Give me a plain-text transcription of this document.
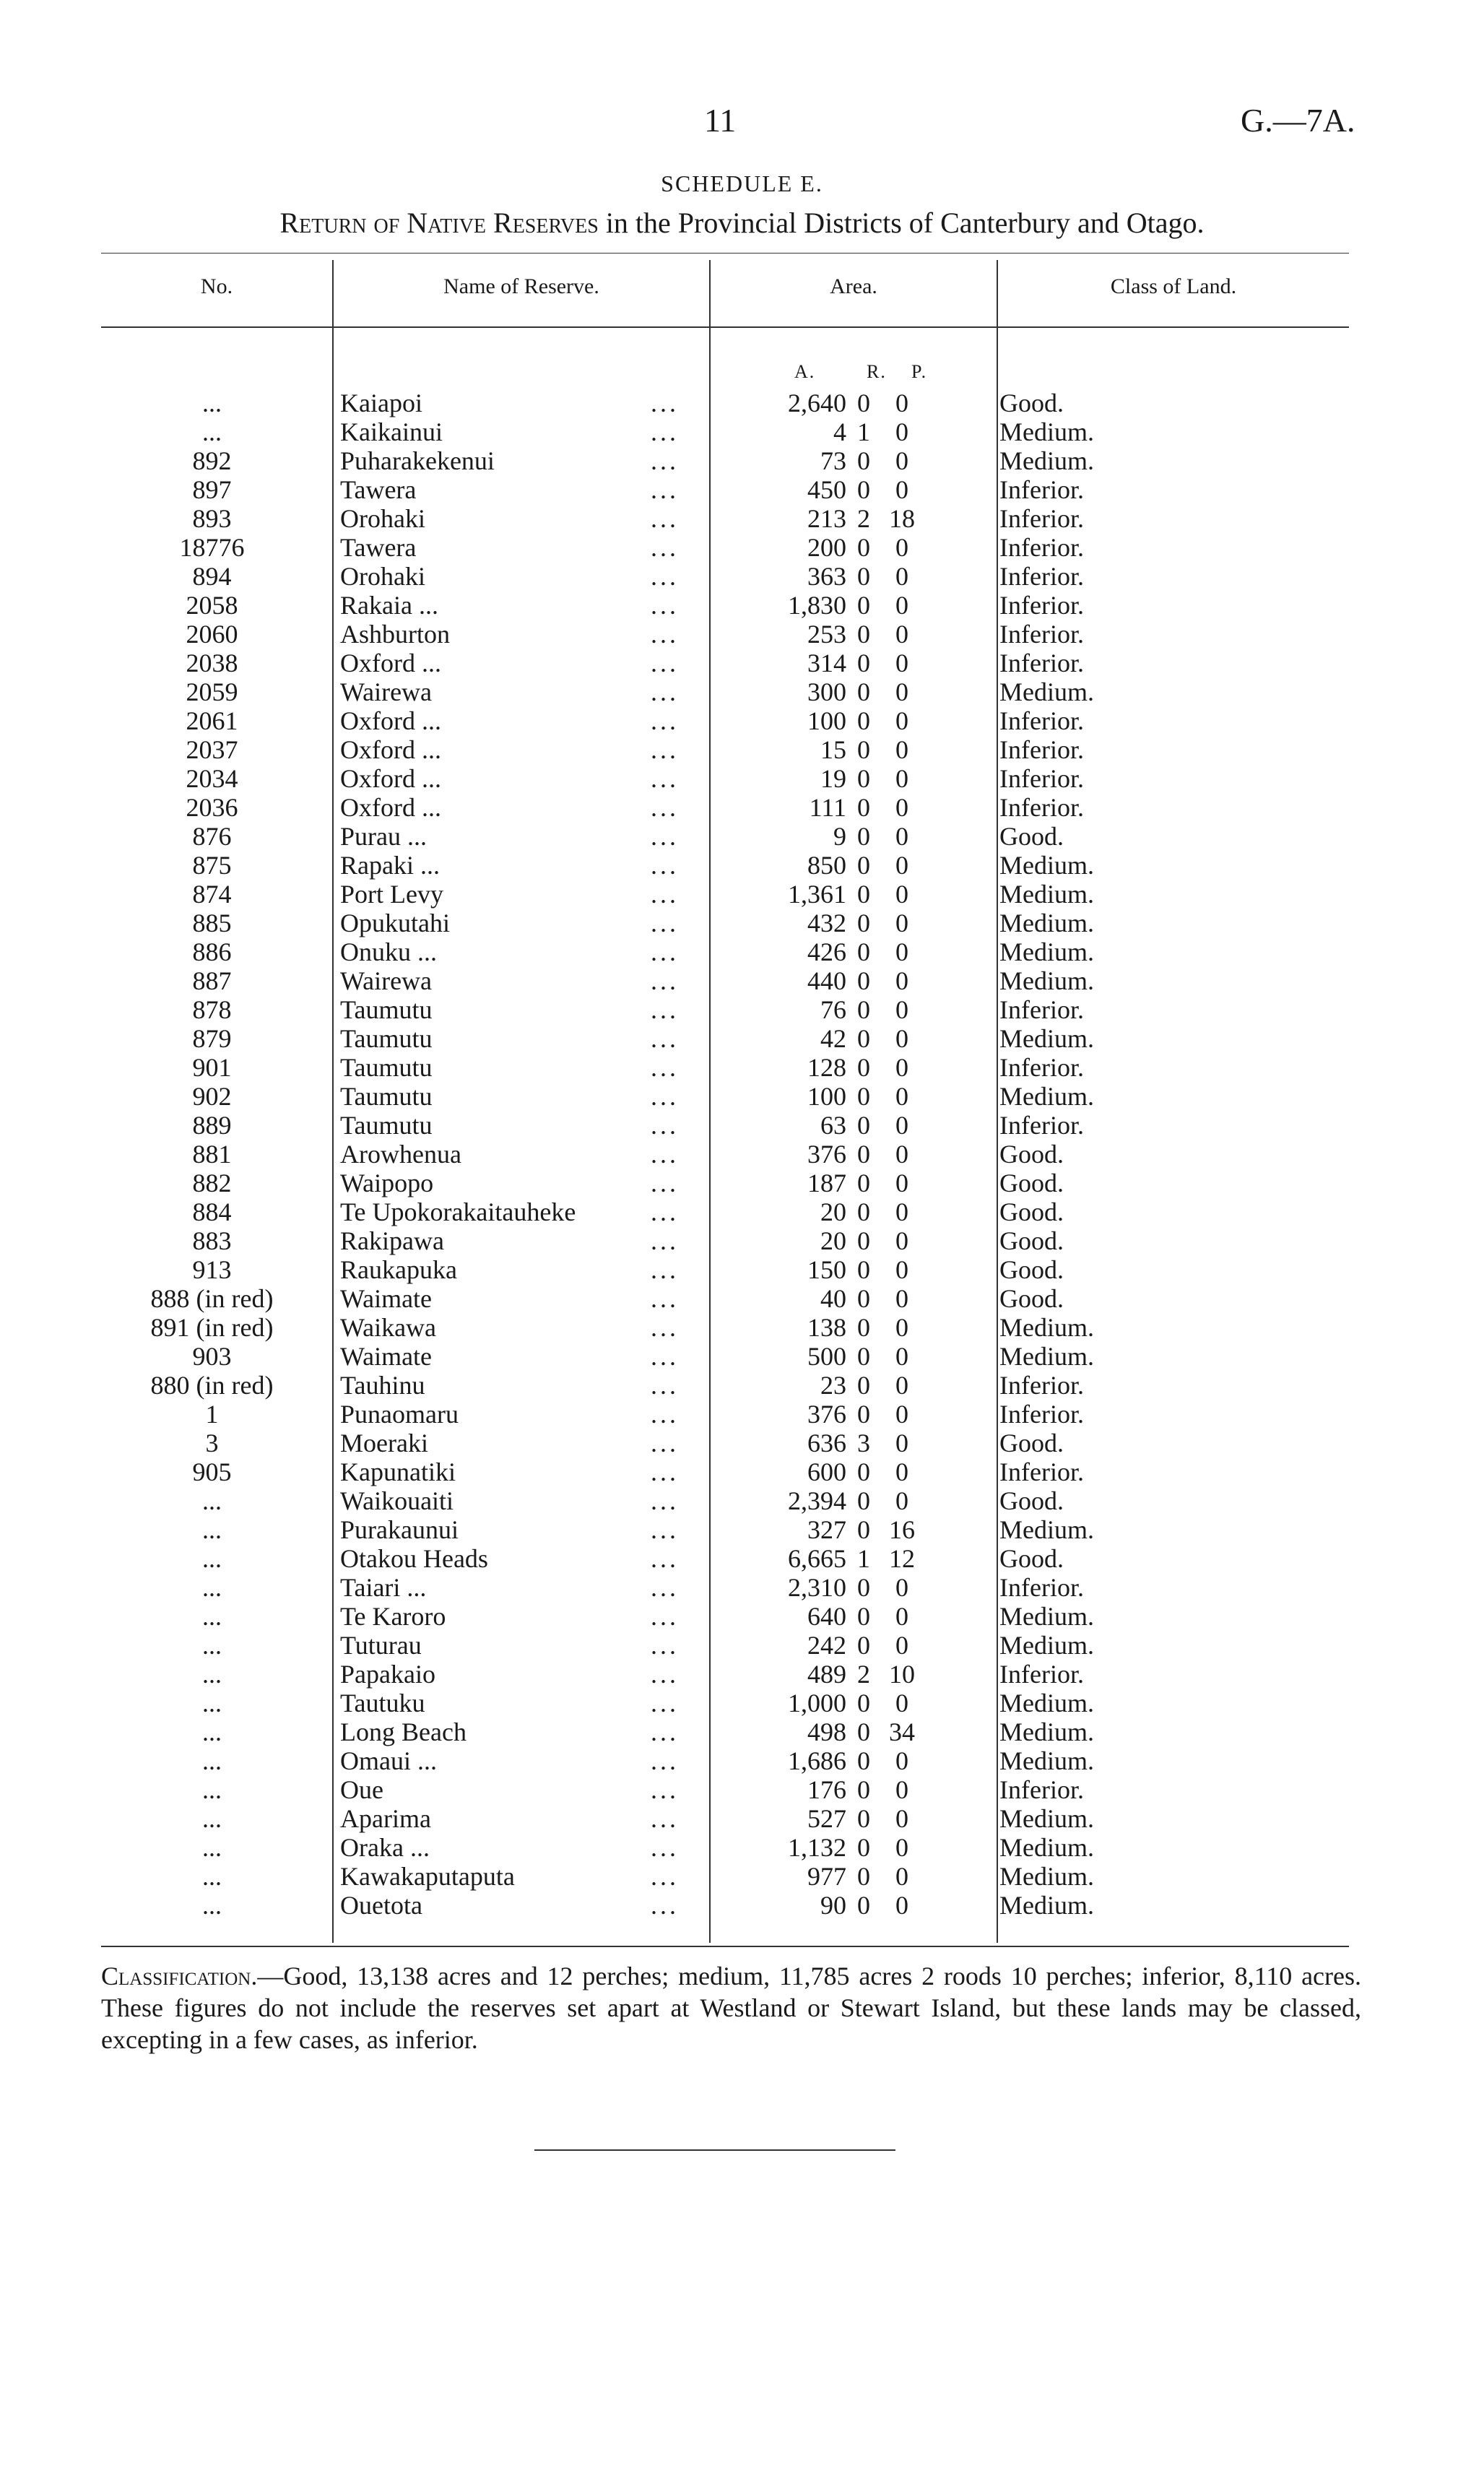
11	G.—7A.
SCHEDULE E.
Return of Native Reserves in the Provincial Districts of Canterbury and Otago.
No.	Name of Reserve.	Area.	Class of Land.
A.	R. P.
...	Kaiapoi ...	2,640	0	0		Good.
...	Kaikainui ...	4	1	0		Medium.
892	Puharakekenui ...	73	0	0		Medium.
897	Tawera ...	450	0	0		Inferior.
893	Orohaki ...	213	2	18		Inferior.
18776	Tawera ...	200	0	0		Inferior.
894	Orohaki ...	363	0	0		Inferior.
2058	Rakaia ... ...	1,830	0	0		Inferior.
2060	Ashburton ...	253	0	0		Inferior.
2038	Oxford ... ...	314	0	0		Inferior.
2059	Wairewa ...	300	0	0		Medium.
2061	Oxford ... ...	100	0	0		Inferior.
2037	Oxford ... ...	15	0	0		Inferior.
2034	Oxford ... ...	19	0	0		Inferior.
2036	Oxford ... ...	111	0	0		Inferior.
876	Purau ... ...	9	0	0		Good.
875	Rapaki ... ...	850	0	0		Medium.
874	Port Levy ...	1,361	0	0		Medium.
885	Opukutahi ...	432	0	0		Medium.
886	Onuku ... ...	426	0	0		Medium.
887	Wairewa ...	440	0	0		Medium.
878	Taumutu ...	76	0	0		Inferior.
879	Taumutu ...	42	0	0		Medium.
901	Taumutu ...	128	0	0		Inferior.
902	Taumutu ...	100	0	0		Medium.
889	Taumutu ...	63	0	0		Inferior.
881	Arowhenua ...	376	0	0		Good.
882	Waipopo ...	187	0	0		Good.
884	Te Upokorakaitauheke ...	20	0	0		Good.
883	Rakipawa ...	20	0	0		Good.
913	Raukapuka ...	150	0	0		Good.
888 (in red)	Waimate ...	40	0	0		Good.
891 (in red)	Waikawa ...	138	0	0		Medium.
903	Waimate ...	500	0	0		Medium.
880 (in red)	Tauhinu ...	23	0	0		Inferior.
1	Punaomaru ...	376	0	0		Inferior.
3	Moeraki ...	636	3	0		Good.
905	Kapunatiki ...	600	0	0		Inferior.
...	Waikouaiti ...	2,394	0	0		Good.
...	Purakaunui ...	327	0	16		Medium.
...	Otakou Heads ...	6,665	1	12		Good.
...	Taiari ... ...	2,310	0	0		Inferior.
...	Te Karoro ...	640	0	0		Medium.
...	Tuturau ...	242	0	0		Medium.
...	Papakaio ...	489	2	10		Inferior.
...	Tautuku ...	1,000	0	0		Medium.
...	Long Beach ...	498	0	34		Medium.
...	Omaui ... ...	1,686	0	0		Medium.
...	Oue ...	176	0	0		Inferior.
...	Aparima ...	527	0	0		Medium.
...	Oraka ... ...	1,132	0	0		Medium.
...	Kawakaputaputa ...	977	0	0		Medium.
...	Ouetota ...	90	0	0		Medium.
Classification.—Good, 13,138 acres and 12 perches; medium, 11,785 acres 2 roods 10 perches; inferior, 8,110 acres. These figures do not include the reserves set apart at Westland or Stewart Island, but these lands may be classed, excepting in a few cases, as inferior.
